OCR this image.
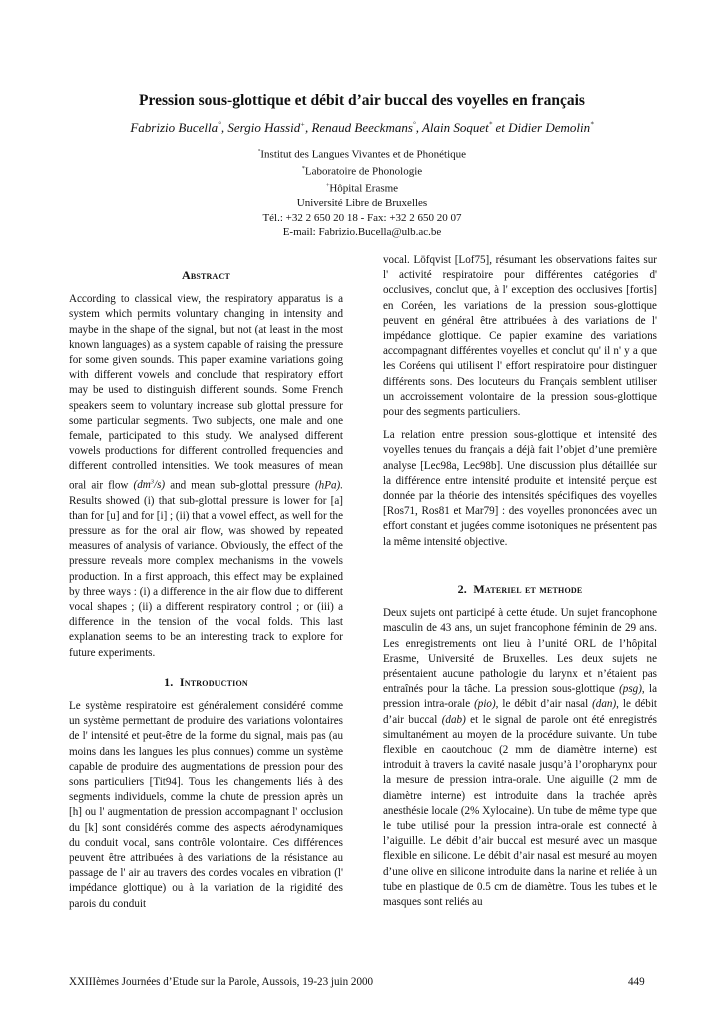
Pression sous-glottique et débit d’air buccal des voyelles en français

Fabrizio Bucella°, Sergio Hassid+, Renaud Beeckmans°, Alain Soquet* et Didier Demolin*

°Institut des Langues Vivantes et de Phonétique
*Laboratoire de Phonologie
+Hôpital Erasme
Université Libre de Bruxelles
Tél.: +32 2 650 20 18 - Fax: +32 2 650 20 07
E-mail: Fabrizio.Bucella@ulb.ac.be
Abstract

According to classical view, the respiratory apparatus is a system which permits voluntary changing in intensity and maybe in the shape of the signal, but not (at least in the most known languages) as a system capable of raising the pressure for some given sounds. This paper examine variations going with different vowels and conclude that respiratory effort may be used to distinguish different sounds. Some French speakers seem to voluntary increase sub glottal pressure for some particular segments. Two subjects, one male and one female, participated to this study. We analysed different vowels productions for different controlled frequencies and different controlled intensities. We took measures of mean oral air flow $(dm^3/s)$ and mean sub-glottal pressure (hPa). Results showed (i) that sub-glottal pressure is lower for [a] than for [u] and for [i] ; (ii) that a vowel effect, as well for the pressure as for the oral air flow, was showed by repeated measures of analysis of variance. Obviously, the effect of the pressure reveals more complex mechanisms in the vowels production. In a first approach, this effect may be explained by three ways : (i) a difference in the air flow due to different vocal shapes ; (ii) a different respiratory control ; or (iii) a difference in the tension of the vocal folds. This last explanation seems to be an interesting track to explore for future experiments.

1. Introduction

Le système respiratoire est généralement considéré comme un système permettant de produire des variations volontaires de l' intensité et peut-être de la forme du signal, mais pas (au moins dans les langues les plus connues) comme un système capable de produire des augmentations de pression pour des sons particuliers [Tit94]. Tous les changements liés à des segments individuels, comme la chute de pression après un [h] ou l' augmentation de pression accompagnant l' occlusion du [k] sont considérés comme des aspects aérodynamiques du conduit vocal, sans contrôle volontaire. Ces différences peuvent être attribuées à des variations de la résistance au passage de l' air au travers des cordes vocales en vibration (l' impédance glottique) ou à la variation de la rigidité des parois du conduit

vocal. Löfqvist [Lof75], résumant les observations faites sur l' activité respiratoire pour différentes catégories d' occlusives, conclut que, à l' exception des occlusives [fortis] en Coréen, les variations de la pression sous-glottique peuvent en général être attribuées à des variations de l' impédance glottique. Ce papier examine des variations accompagnant différentes voyelles et conclut qu' il n' y a que les Coréens qui utilisent l' effort respiratoire pour distinguer différents sons. Des locuteurs du Français semblent utiliser un accroissement volontaire de la pression sous-glottique pour des segments particuliers.

La relation entre pression sous-glottique et intensité des voyelles tenues du français a déjà fait l’objet d’une première analyse [Lec98a, Lec98b]. Une discussion plus détaillée sur la différence entre intensité produite et intensité perçue est donnée par la théorie des intensités spécifiques des voyelles [Ros71, Ros81 et Mar79] : des voyelles prononcées avec un effort constant et jugées comme isotoniques ne présentent pas la même intensité objective.

2. Materiel et methode

Deux sujets ont participé à cette étude. Un sujet francophone masculin de 43 ans, un sujet francophone féminin de 29 ans. Les enregistrements ont lieu à l’unité ORL de l’hôpital Erasme, Université de Bruxelles. Les deux sujets ne présentaient aucune pathologie du larynx et n’étaient pas entraînés pour la tâche. La pression sous-glottique (psg), la pression intra-orale (pio), le débit d’air nasal (dan), le débit d’air buccal (dab) et le signal de parole ont été enregistrés simultanément au moyen de la procédure suivante. Un tube flexible en caoutchouc (2 mm de diamètre interne) est introduit à travers la cavité nasale jusqu’à l’oropharynx pour la mesure de pression intra-orale. Une aiguille (2 mm de diamètre interne) est introduite dans la trachée après anesthésie locale (2% Xylocaine). Un tube de même type que le tube utilisé pour la pression intra-orale est connecté à l’aiguille. Le débit d’air buccal est mesuré avec un masque flexible en silicone. Le débit d’air nasal est mesuré au moyen d’une olive en silicone introduite dans la narine et reliée à un tube en plastique de 0.5 cm de diamètre. Tous les tubes et le masques sont reliés au

XXIIIèmes Journées d’Etude sur la Parole, Aussois, 19-23 juin 2000	449
